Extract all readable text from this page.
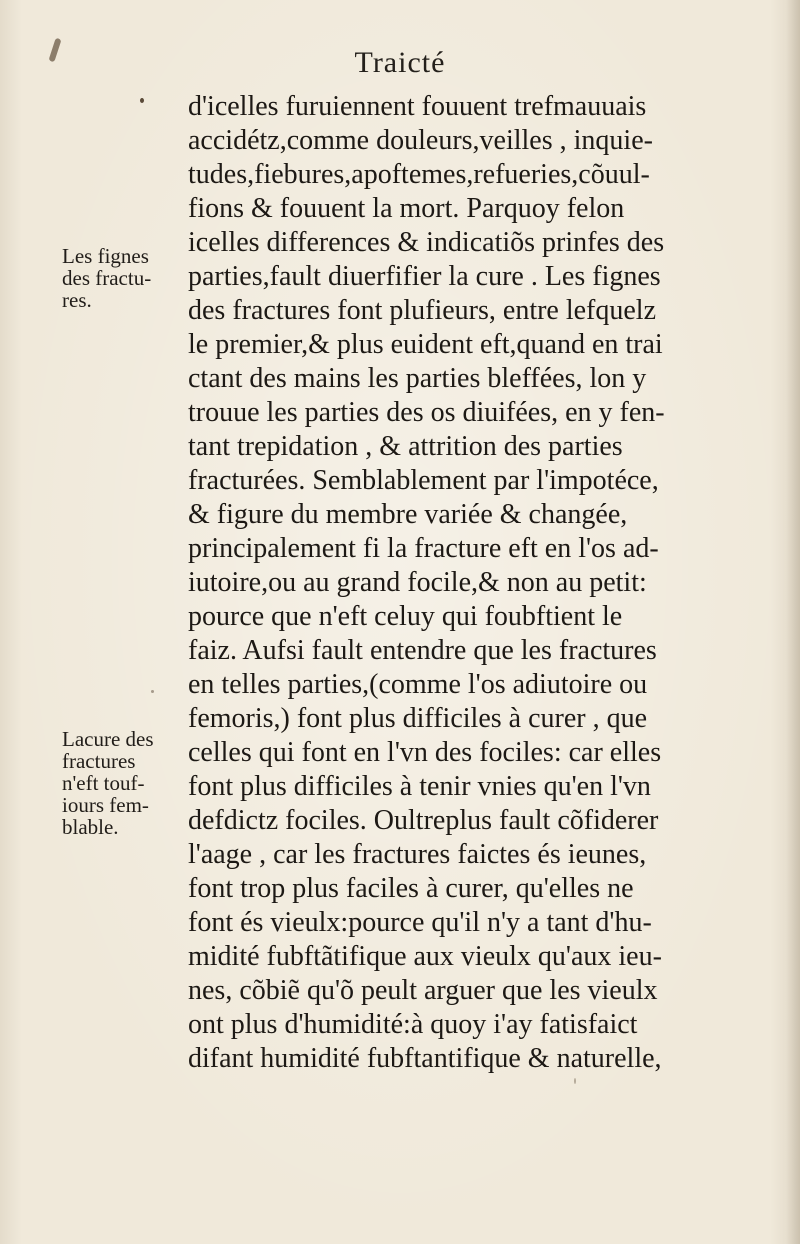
Traicté
d'icelles furuiennent fouuent trefmauuais
accidétz,comme douleurs,veilles , inquie-
tudes,fiebures,apoftemes,refueries,cõuul-
fions & fouuent la mort. Parquoy felon
icelles differences & indicatiõs prinfes des
parties,fault diuerfifier la cure . Les fignes
des fractures font plufieurs, entre lefquelz
le premier,& plus euident eft,quand en trai
ctant des mains les parties bleffées, lon y
trouue les parties des os diuifées, en y fen-
tant trepidation , & attrition des parties
fracturées. Semblablement par l'impotéce,
& figure du membre variée & changée,
principalement fi la fracture eft en l'os ad-
iutoire,ou au grand focile,& non au petit:
pource que n'eft celuy qui foubftient le
faiz. Aufsi fault entendre que les fractures
en telles parties,(comme l'os adiutoire ou
femoris,) font plus difficiles à curer , que
celles qui font en l'vn des fociles: car elles
font plus difficiles à tenir vnies qu'en l'vn
defdictz fociles. Oultreplus fault cõfiderer
l'aage , car les fractures faictes és ieunes,
font trop plus faciles à curer, qu'elles ne
font és vieulx:pource qu'il n'y a tant d'hu-
midité fubftãtifique aux vieulx qu'aux ieu-
nes, cõbiẽ qu'õ peult arguer que les vieulx
ont plus d'humidité:à quoy i'ay fatisfaict
difant humidité fubftantifique & naturelle,
Les fignes
des fractu-
res.
Lacure des
fractures
n'eft touf-
iours fem-
blable.
